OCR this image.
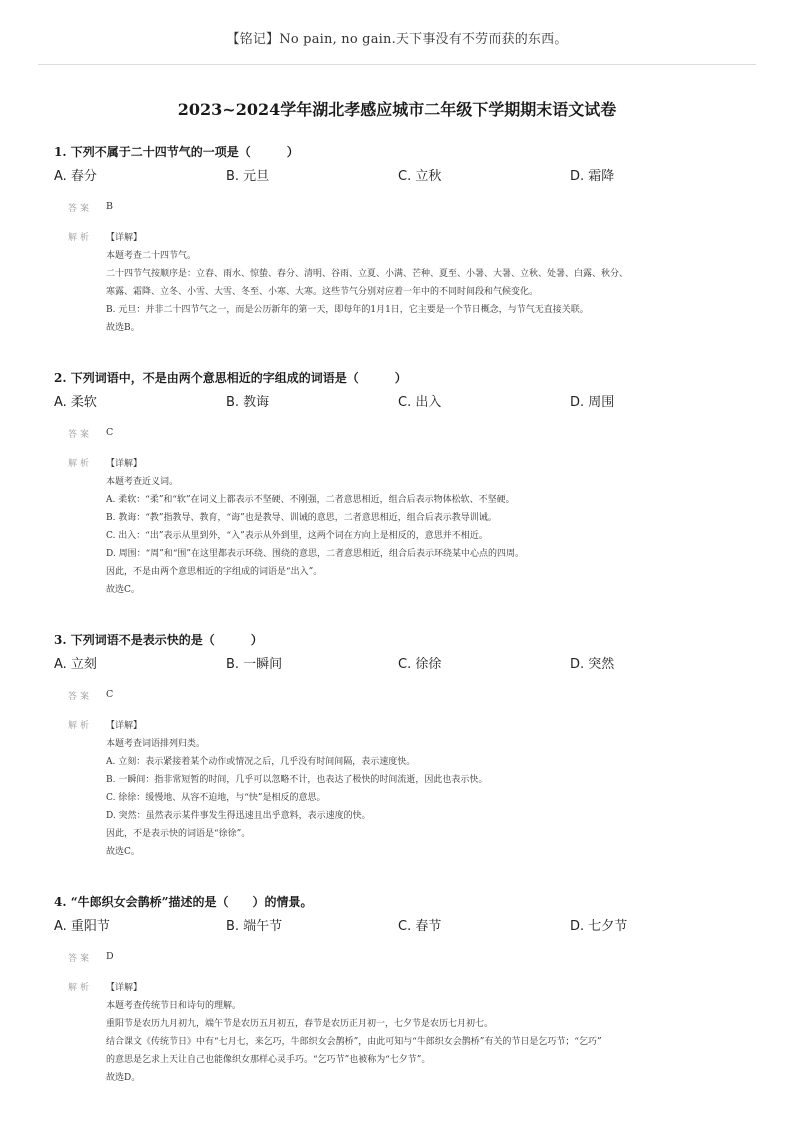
【铭记】No pain, no gain.天下事没有不劳而获的东西。
2023~2024学年湖北孝感应城市二年级下学期期末语文试卷
1. 下列不属于二十四节气的一项是（　　　）
A. 春分	B. 元旦	C. 立秋	D. 霜降
答案 B
解析 【详解】
本题考查二十四节气。
二十四节气按顺序是：立春、雨水、惊蛰、春分、清明、谷雨、立夏、小满、芒种、夏至、小暑、大暑、立秋、处暑、白露、秋分、
寒露、霜降、立冬、小雪、大雪、冬至、小寒、大寒。这些节气分别对应着一年中的不同时间段和气候变化。
B. 元旦：并非二十四节气之一，而是公历新年的第一天，即每年的1月1日，它主要是一个节日概念，与节气无直接关联。
故选B。
2. 下列词语中，不是由两个意思相近的字组成的词语是（　　　）
A. 柔软	B. 教诲	C. 出入	D. 周围
答案 C
解析 【详解】
本题考查近义词。
A. 柔软：“柔”和“软”在词义上都表示不坚硬、不刚强，二者意思相近，组合后表示物体松软、不坚硬。
B. 教诲：“教”指教导、教育，“诲”也是教导、训诫的意思，二者意思相近，组合后表示教导训诫。
C. 出入：“出”表示从里到外，“入”表示从外到里，这两个词在方向上是相反的，意思并不相近。
D. 周围：“周”和“围”在这里都表示环绕、围绕的意思，二者意思相近，组合后表示环绕某中心点的四周。
因此，不是由两个意思相近的字组成的词语是“出入”。
故选C。
3. 下列词语不是表示快的是（　　　）
A. 立刻	B. 一瞬间	C. 徐徐	D. 突然
答案 C
解析 【详解】
本题考查词语排列归类。
A. 立刻：表示紧接着某个动作或情况之后，几乎没有时间间隔，表示速度快。
B. 一瞬间：指非常短暂的时间，几乎可以忽略不计，也表达了极快的时间流逝，因此也表示快。
C. 徐徐：缓慢地、从容不迫地，与“快”是相反的意思。
D. 突然：虽然表示某件事发生得迅速且出乎意料，表示速度的快。
因此，不是表示快的词语是“徐徐”。
故选C。
4. “牛郎织女会鹊桥”描述的是（　　）的情景。
A. 重阳节	B. 端午节	C. 春节	D. 七夕节
答案 D
解析 【详解】
本题考查传统节日和诗句的理解。
重阳节是农历九月初九，端午节是农历五月初五，春节是农历正月初一，七夕节是农历七月初七。
结合课文《传统节日》中有“七月七，来乞巧，牛郎织女会鹊桥”，由此可知与“牛郎织女会鹊桥”有关的节日是乞巧节；“乞巧”
的意思是乞求上天让自己也能像织女那样心灵手巧。“乞巧节”也被称为“七夕节”。
故选D。
